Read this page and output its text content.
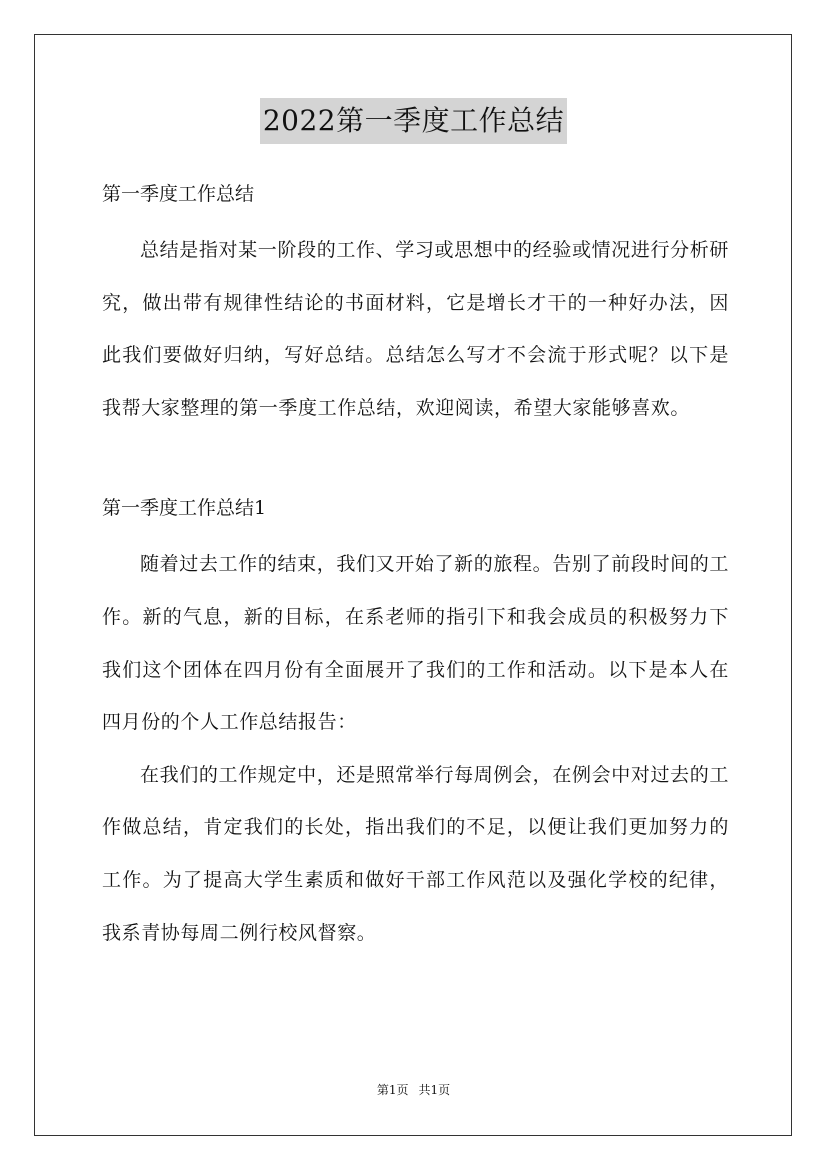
2022第一季度工作总结
第一季度工作总结

总结是指对某一阶段的工作、学习或思想中的经验或情况进行分析研究，做出带有规律性结论的书面材料，它是增长才干的一种好办法，因此我们要做好归纳，写好总结。总结怎么写才不会流于形式呢？以下是我帮大家整理的第一季度工作总结，欢迎阅读，希望大家能够喜欢。

第一季度工作总结1

随着过去工作的结束，我们又开始了新的旅程。告别了前段时间的工作。新的气息，新的目标，在系老师的指引下和我会成员的积极努力下我们这个团体在四月份有全面展开了我们的工作和活动。以下是本人在四月份的个人工作总结报告：

在我们的工作规定中，还是照常举行每周例会，在例会中对过去的工作做总结，肯定我们的长处，指出我们的不足，以便让我们更加努力的工作。为了提高大学生素质和做好干部工作风范以及强化学校的纪律，我系青协每周二例行校风督察。

第1页 共1页
